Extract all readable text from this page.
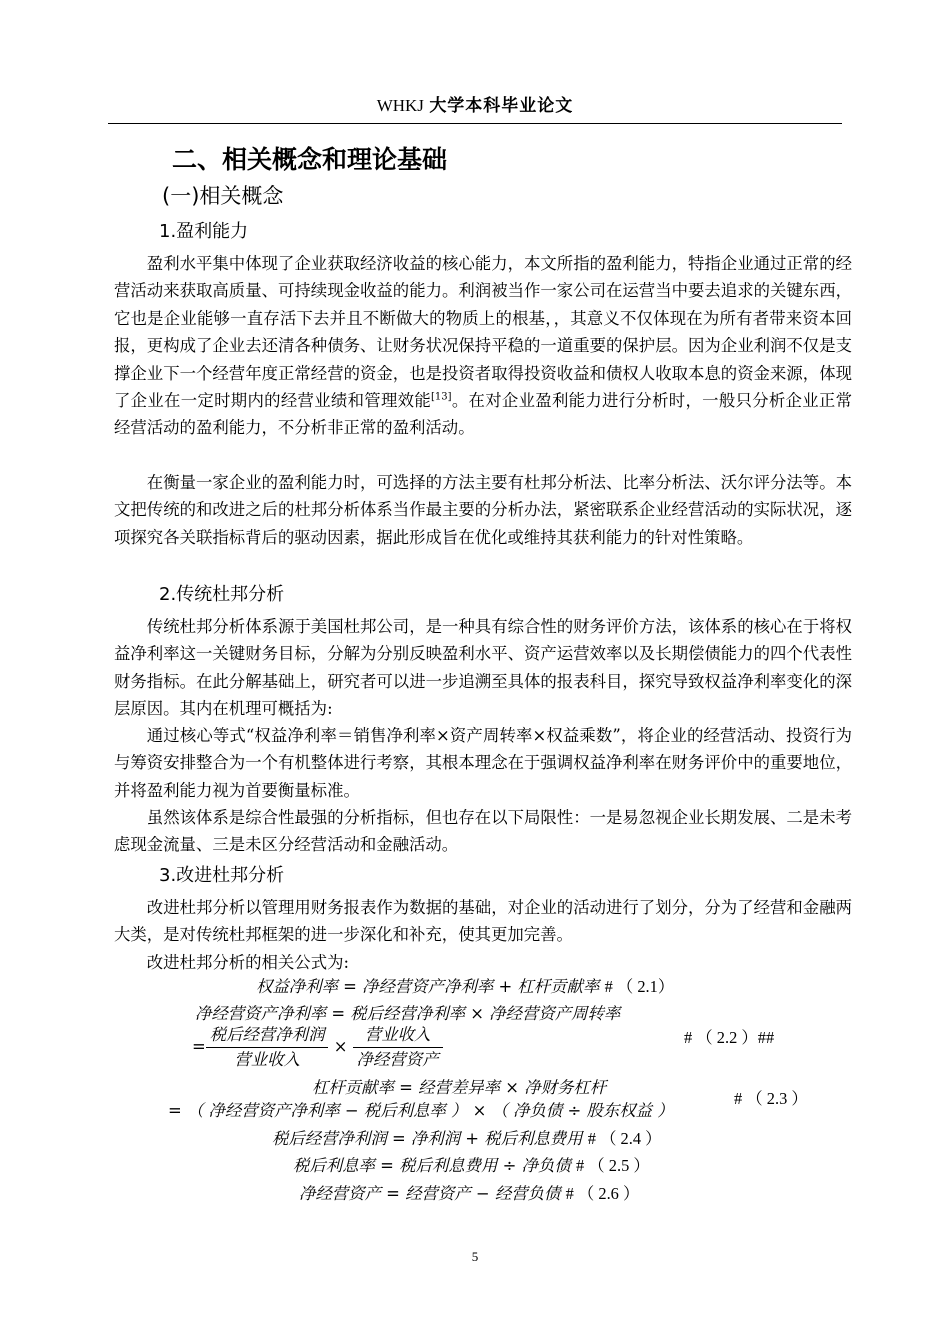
WHKJ 大学本科毕业论文
二、相关概念和理论基础
(一)相关概念
1.盈利能力

盈利水平集中体现了企业获取经济收益的核心能力，本文所指的盈利能力，特指企业通过正常的经营活动来获取高质量、可持续现金收益的能力。利润被当作一家公司在运营当中要去追求的关键东西，它也是企业能够一直存活下去并且不断做大的物质上的根基，，其意义不仅体现在为所有者带来资本回报，更构成了企业去还清各种债务、让财务状况保持平稳的一道重要的保护层。因为企业利润不仅是支撑企业下一个经营年度正常经营的资金，也是投资者取得投资收益和债权人收取本息的资金来源，体现了企业在一定时期内的经营业绩和管理效能[13]。在对企业盈利能力进行分析时，一般只分析企业正常经营活动的盈利能力，不分析非正常的盈利活动。

在衡量一家企业的盈利能力时，可选择的方法主要有杜邦分析法、比率分析法、沃尔评分法等。本文把传统的和改进之后的杜邦分析体系当作最主要的分析办法，紧密联系企业经营活动的实际状况，逐项探究各关联指标背后的驱动因素，据此形成旨在优化或维持其获利能力的针对性策略。

2.传统杜邦分析

传统杜邦分析体系源于美国杜邦公司，是一种具有综合性的财务评价方法，该体系的核心在于将权益净利率这一关键财务目标，分解为分别反映盈利水平、资产运营效率以及长期偿债能力的四个代表性财务指标。在此分解基础上，研究者可以进一步追溯至具体的报表科目，探究导致权益净利率变化的深层原因。其内在机理可概括为:

通过核心等式“权益净利率＝销售净利率×资产周转率×权益乘数”，将企业的经营活动、投资行为与筹资安排整合为一个有机整体进行考察，其根本理念在于强调权益净利率在财务评价中的重要地位，并将盈利能力视为首要衡量标准。

虽然该体系是综合性最强的分析指标，但也存在以下局限性：一是易忽视企业长期发展、二是未考虑现金流量、三是未区分经营活动和金融活动。

3.改进杜邦分析

改进杜邦分析以管理用财务报表作为数据的基础，对企业的活动进行了划分，分为了经营和金融两大类，是对传统杜邦框架的进一步深化和补充，使其更加完善。

改进杜邦分析的相关公式为:

权益净利率 = 净经营资产净利率 + 杠杆贡献率 # （ 2.1）
净经营资产净利率 = 税后经营净利率 × 净经营资产周转率
= $\frac{\text{税后经营净利润}}{\text{营业收入}} \times \frac{\text{营业收入}}{\text{净经营资产}}$	# （ 2.2 ）##
杠杆贡献率 = 经营差异率 × 净财务杠杆
= （ 净经营资产净利率 − 税后利息率 ） × （ 净负债 ÷ 股东权益 ）
# （ 2.3 ）
税后经营净利润 = 净利润 + 税后利息费用 # （ 2.4 ）
税后利息率 = 税后利息费用 ÷ 净负债 # （ 2.5 ）
净经营资产 = 经营资产 − 经营负债 # （ 2.6 ）
5
